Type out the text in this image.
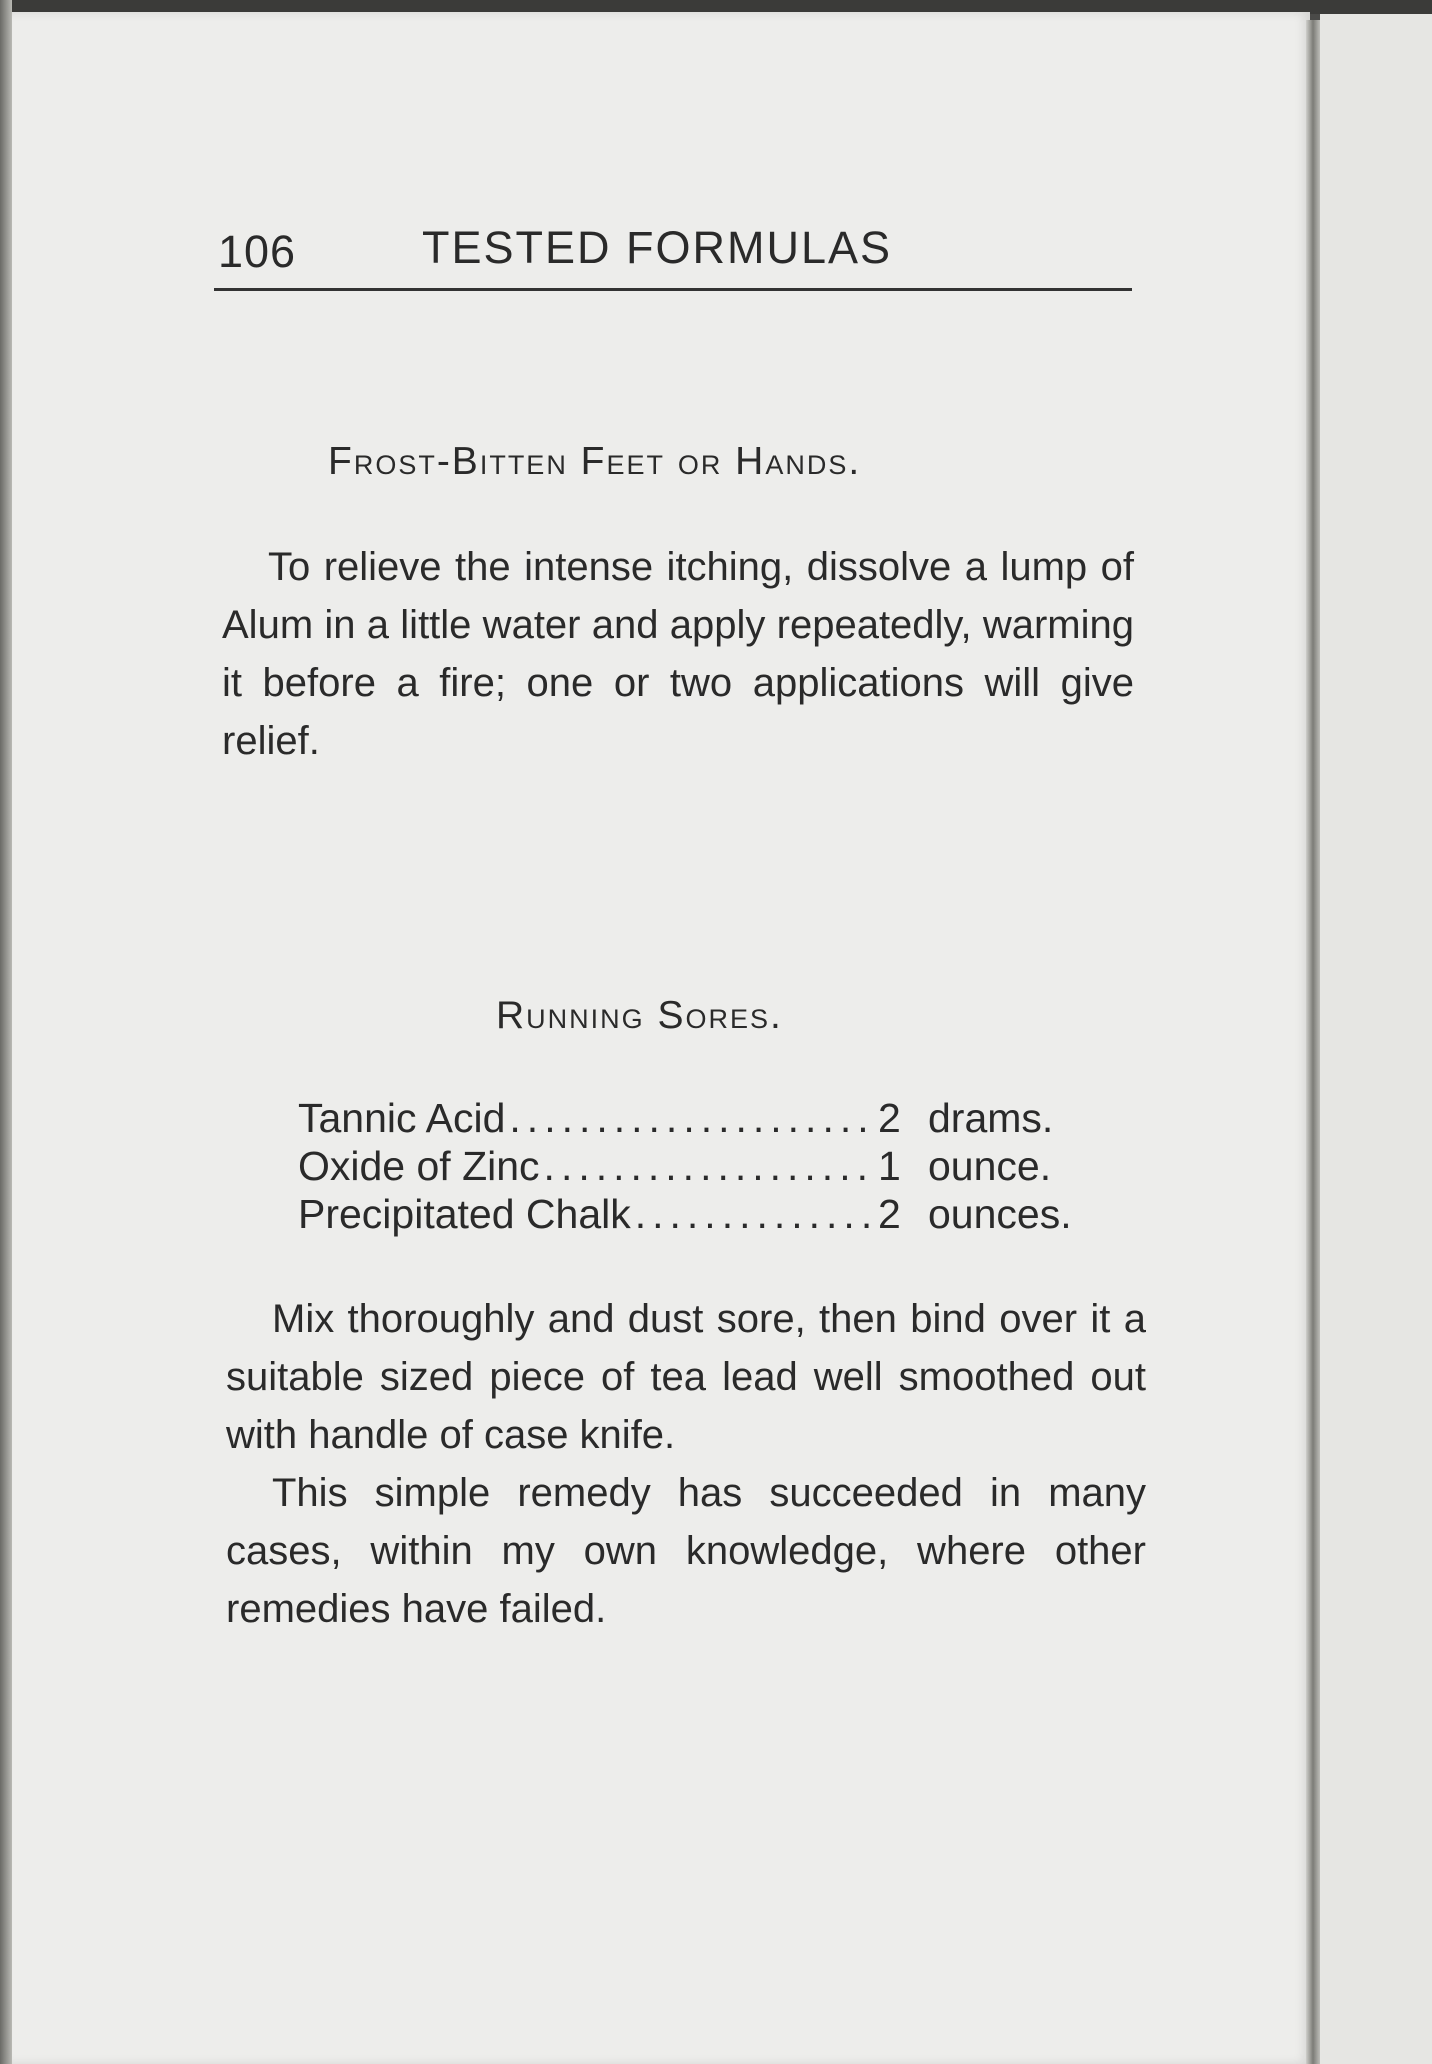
106	TESTED FORMULAS
Frost-Bitten Feet or Hands.

To relieve the intense itching, dissolve a lump of Alum in a little water and apply repeatedly, warming it before a fire; one or two applications will give relief.

Running Sores.
Tannic Acid .....	2 drams.
Oxide of Zinc .....	1 ounce.
Precipitated Chalk .....	2 ounces.

Mix thoroughly and dust sore, then bind over it a suitable sized piece of tea lead well smoothed out with handle of case knife.

This simple remedy has succeeded in many cases, within my own knowledge, where other remedies have failed.
